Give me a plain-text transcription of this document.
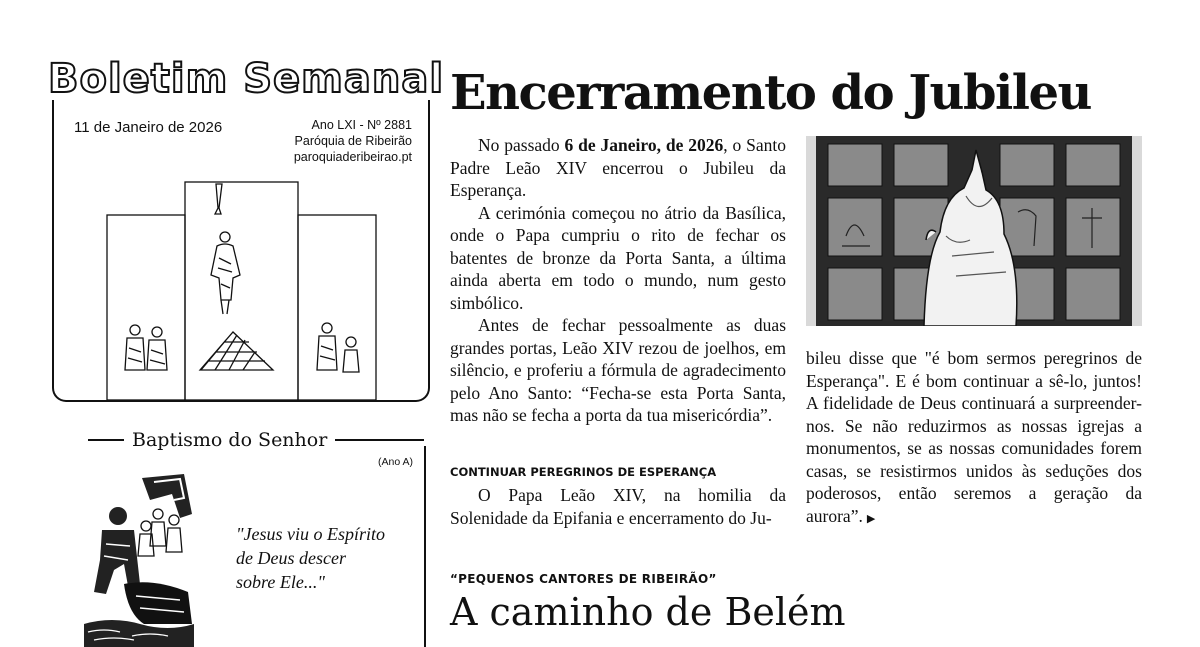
Boletim Semanal
11 de Janeiro de 2026	Ano LXI - Nº 2881
Paróquia de Ribeirão
paroquiaderibeirao.pt
Baptismo do Senhor
(Ano A)
"Jesus viu o Espírito
de Deus descer
sobre Ele..."
Encerramento do Jubileu

No passado 6 de Janeiro, de 2026, o Santo Padre Leão XIV encerrou o Jubileu da Esperança.

A cerimónia começou no átrio da Basílica, onde o Papa cumpriu o rito de fechar os batentes de bronze da Porta Santa, a última ainda aberta em todo o mundo, num gesto simbólico.

Antes de fechar pessoalmente as duas grandes portas, Leão XIV rezou de joelhos, em silêncio, e proferiu a fórmula de agradecimento pelo Ano Santo: “Fecha-se esta Porta Santa, mas não se fecha a porta da tua misericórdia”.

CONTINUAR PEREGRINOS DE ESPERANÇA
O Papa Leão XIV, na homilia da Solenidade da Epifania e encerramento do Ju-
bileu disse que "é bom sermos peregrinos de Esperança". E é bom continuar a sê-lo, juntos! A fidelidade de Deus continuará a surpreender-nos. Se não reduzirmos as nossas igrejas a monumentos, se as nossas comunidades forem casas, se resistirmos unidos às seduções dos poderosos, então seremos a geração da aurora”. ▶
“PEQUENOS CANTORES DE RIBEIRÃO”
A caminho de Belém
